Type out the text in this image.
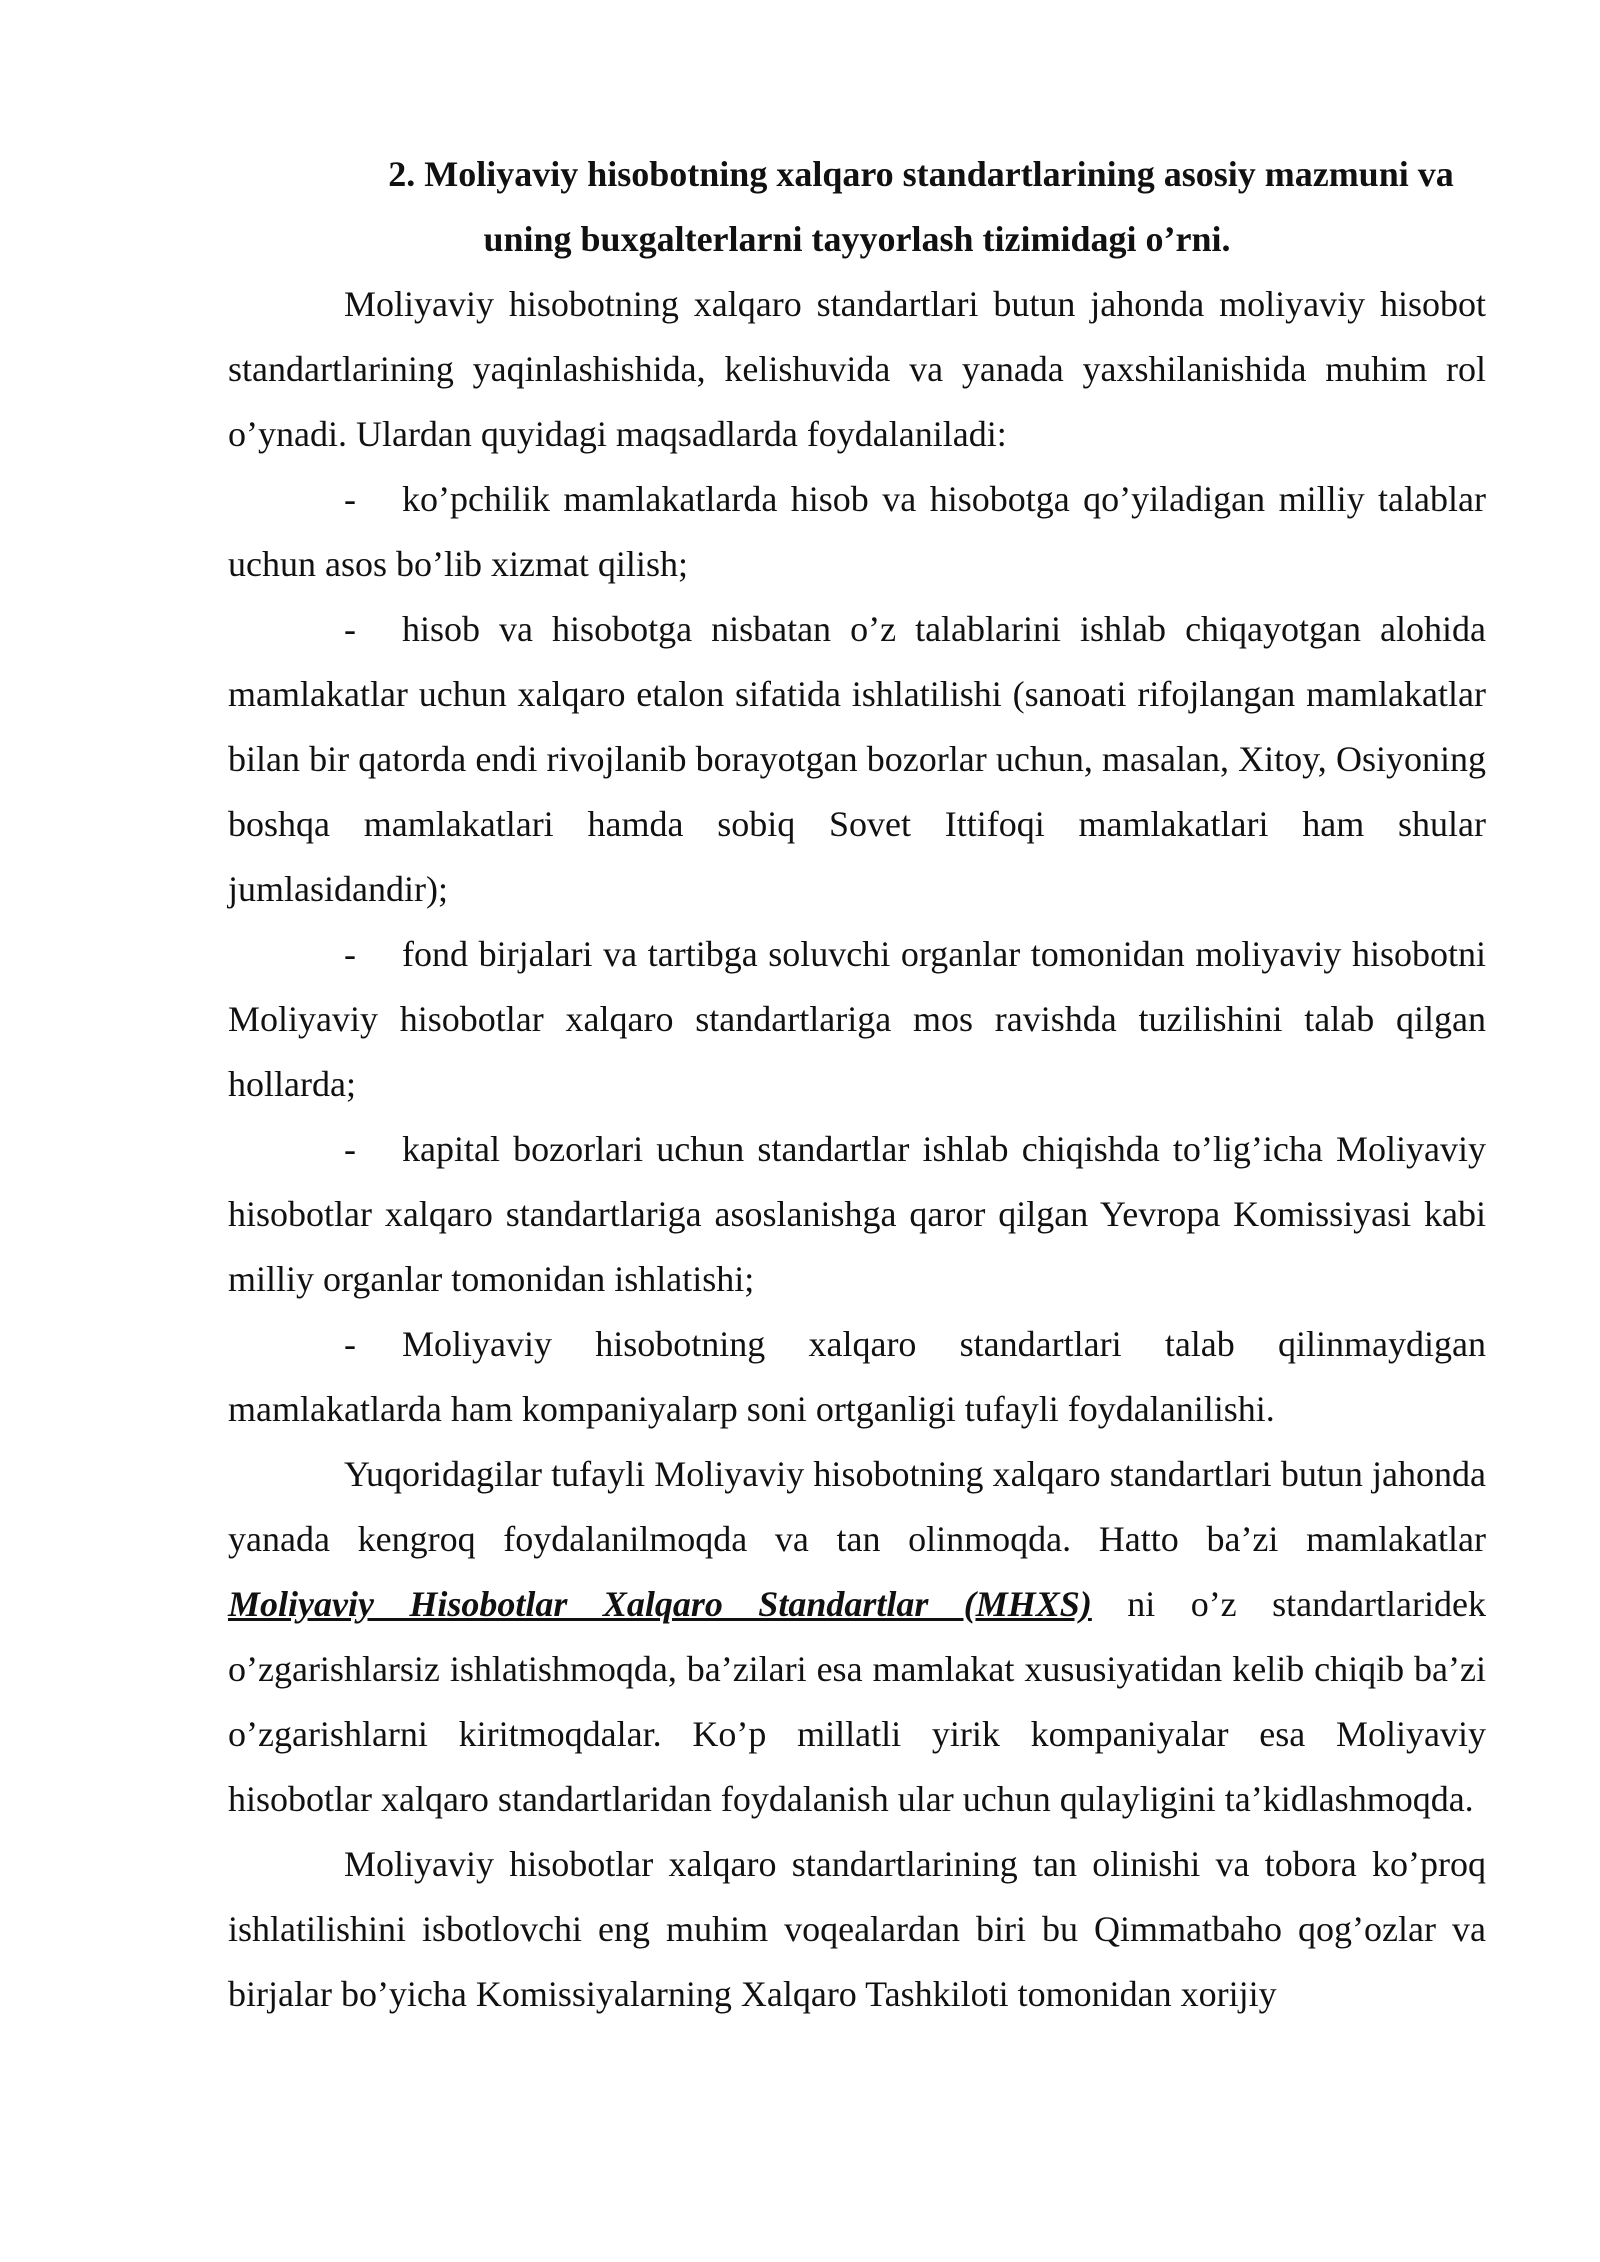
2. Moliyaviy hisobotning xalqaro standartlarining asosiy mazmuni va
uning buxgalterlarni tayyorlash tizimidagi o’rni.

Moliyaviy hisobotning xalqaro standartlari butun jahonda moliyaviy hisobot standartlarining yaqinlashishida, kelishuvida va yanada yaxshilanishida muhim rol o’ynadi. Ulardan quyidagi maqsadlarda foydalaniladi:

- ko’pchilik mamlakatlarda hisob va hisobotga qo’yiladigan milliy talablar uchun asos bo’lib xizmat qilish;

- hisob va hisobotga nisbatan o’z talablarini ishlab chiqayotgan alohida mamlakatlar uchun xalqaro etalon sifatida ishlatilishi (sanoati rifojlangan mamlakatlar bilan bir qatorda endi rivojlanib borayotgan bozorlar uchun, masalan, Xitoy, Osiyoning boshqa mamlakatlari hamda sobiq Sovet Ittifoqi mamlakatlari ham shular jumlasidandir);

- fond birjalari va tartibga soluvchi organlar tomonidan moliyaviy hisobotni Moliyaviy hisobotlar xalqaro standartlariga mos ravishda tuzilishini talab qilgan hollarda;

- kapital bozorlari uchun standartlar ishlab chiqishda to’lig’icha Moliyaviy hisobotlar xalqaro standartlariga asoslanishga qaror qilgan Yevropa Komissiyasi kabi milliy organlar tomonidan ishlatishi;

- Moliyaviy hisobotning xalqaro standartlari talab qilinmaydigan mamlakatlarda ham kompaniyalarp soni ortganligi tufayli foydalanilishi.

Yuqoridagilar tufayli Moliyaviy hisobotning xalqaro standartlari butun jahonda yanada kengroq foydalanilmoqda va tan olinmoqda. Hatto ba’zi mamlakatlar Moliyaviy Hisobotlar Xalqaro Standartlar (MHXS) ni o’z standartlaridek o’zgarishlarsiz ishlatishmoqda, ba’zilari esa mamlakat xususiyatidan kelib chiqib ba’zi o’zgarishlarni kiritmoqdalar. Ko’p millatli yirik kompaniyalar esa Moliyaviy hisobotlar xalqaro standartlaridan foydalanish ular uchun qulayligini ta’kidlashmoqda.

Moliyaviy hisobotlar xalqaro standartlarining tan olinishi va tobora ko’proq ishlatilishini isbotlovchi eng muhim voqealardan biri bu Qimmatbaho qog’ozlar va birjalar bo’yicha Komissiyalarning Xalqaro Tashkiloti tomonidan xorijiy
